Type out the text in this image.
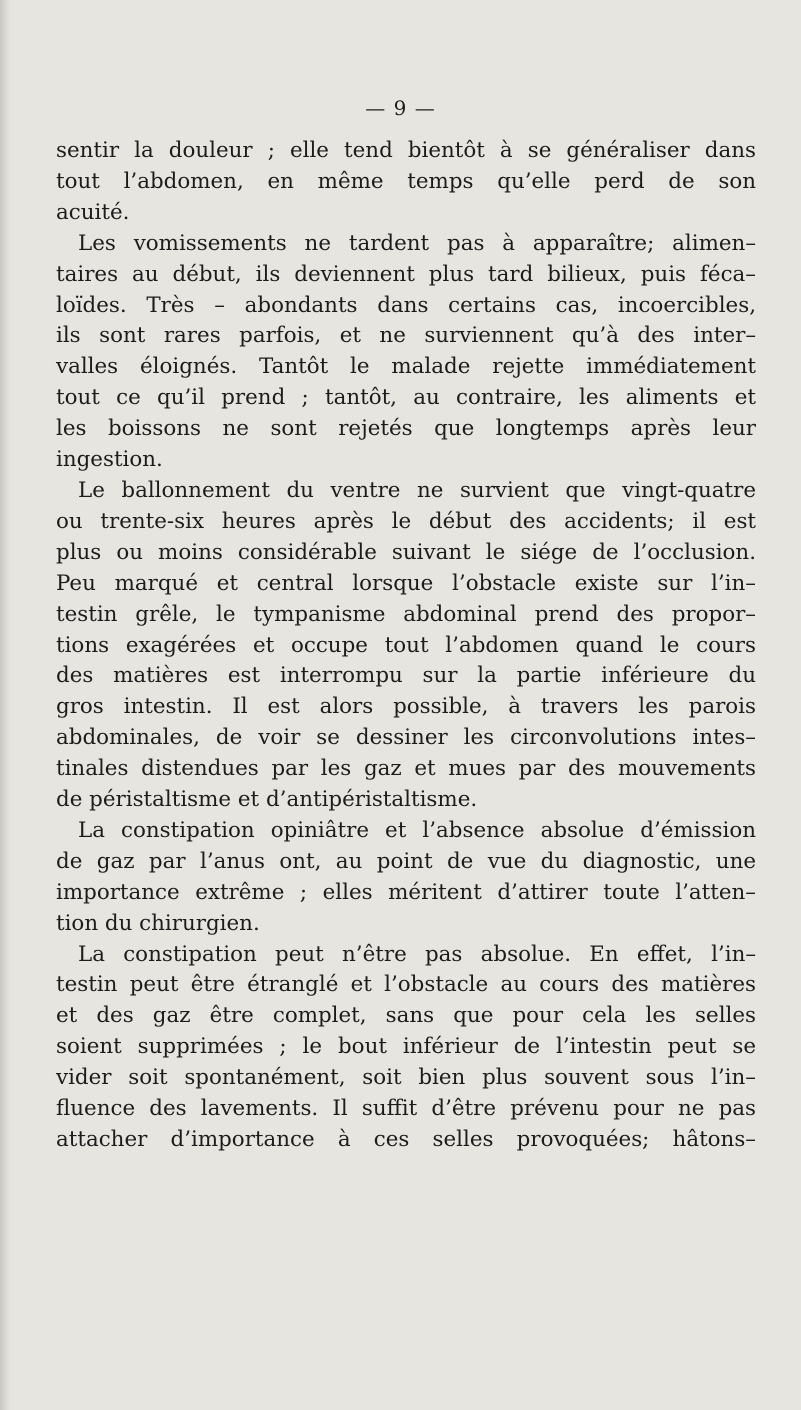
— 9 —

sentir la douleur ; elle tend bientôt à se généraliser dans
tout l’abdomen, en même temps qu’elle perd de son
acuité.

Les vomissements ne tardent pas à apparaître; alimen–
taires au début, ils deviennent plus tard bilieux, puis féca–
loïdes. Très – abondants dans certains cas, incoercibles,
ils sont rares parfois, et ne surviennent qu’à des inter–
valles éloignés. Tantôt le malade rejette immédiatement
tout ce qu’il prend ; tantôt, au contraire, les aliments et
les boissons ne sont rejetés que longtemps après leur
ingestion.

Le ballonnement du ventre ne survient que vingt-quatre
ou trente-six heures après le début des accidents; il est
plus ou moins considérable suivant le siége de l’occlusion.
Peu marqué et central lorsque l’obstacle existe sur l’in–
testin grêle, le tympanisme abdominal prend des propor–
tions exagérées et occupe tout l’abdomen quand le cours
des matières est interrompu sur la partie inférieure du
gros intestin. Il est alors possible, à travers les parois
abdominales, de voir se dessiner les circonvolutions intes–
tinales distendues par les gaz et mues par des mouvements
de péristaltisme et d’antipéristaltisme.

La constipation opiniâtre et l’absence absolue d’émission
de gaz par l’anus ont, au point de vue du diagnostic, une
importance extrême ; elles méritent d’attirer toute l’atten–
tion du chirurgien.

La constipation peut n’être pas absolue. En effet, l’in–
testin peut être étranglé et l’obstacle au cours des matières
et des gaz être complet, sans que pour cela les selles
soient supprimées ; le bout inférieur de l’intestin peut se
vider soit spontanément, soit bien plus souvent sous l’in–
fluence des lavements. Il suffit d’être prévenu pour ne pas
attacher d’importance à ces selles provoquées; hâtons–
